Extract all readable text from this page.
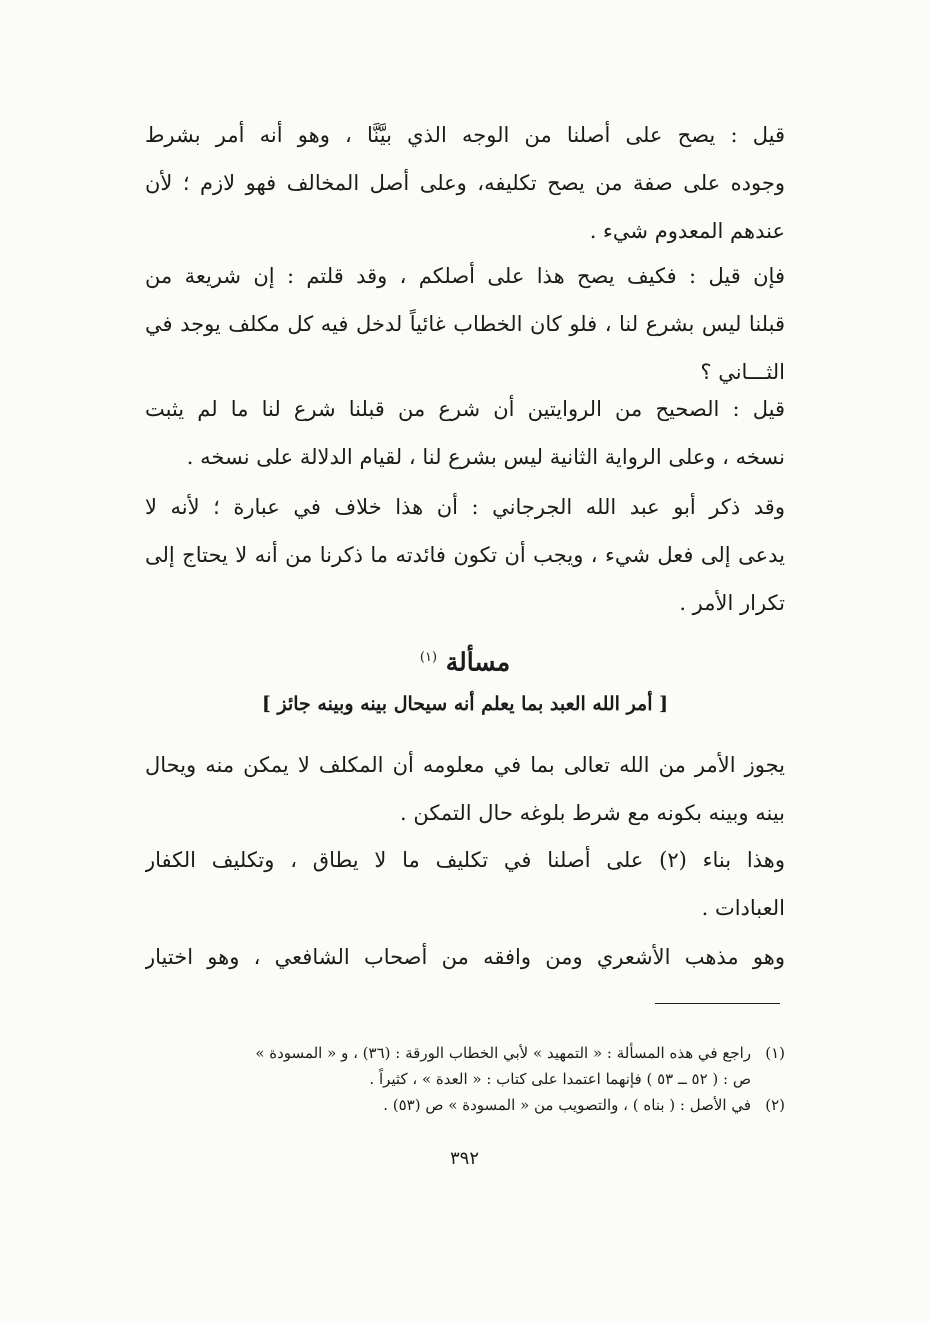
قيل : يصح على أصلنا من الوجه الذي بيَّنَّا ، وهو أنه أمر بشرط
وجوده على صفة من يصح تكليفه، وعلى أصل المخالف فهو لازم ؛ لأن
عندهم المعدوم شيء .
فإن قيل : فكيف يصح هذا على أصلكم ، وقد قلتم : إن شريعة من
قبلنا ليس بشرع لنا ، فلو كان الخطاب غائياً لدخل فيه كل مكلف يوجد في
الثـــاني ؟
قيل : الصحيح من الروايتين أن شرع من قبلنا شرع لنا ما لم يثبت
نسخه ، وعلى الرواية الثانية ليس بشرع لنا ، لقيام الدلالة على نسخه .
وقد ذكر أبو عبد الله الجرجاني : أن هذا خلاف في عبارة ؛ لأنه لا
يدعى إلى فعل شيء ، ويجب أن تكون فائدته ما ذكرنا من أنه لا يحتاج إلى
تكرار الأمر .
مسألة $^{(١)}$
[ أمر الله العبد بما يعلم أنه سيحال بينه وبينه جائز ]
يجوز الأمر من الله تعالى بما في معلومه أن المكلف لا يمكن منه ويحال
بينه وبينه بكونه مع شرط بلوغه حال التمكن .
وهذا بناء (٢) على أصلنا في تكليف ما لا يطاق ، وتكليف الكفار
العبادات .
وهو مذهب الأشعري ومن وافقه من أصحاب الشافعي ، وهو اختيار
(١)راجع في هذه المسألة : « التمهيد » لأبي الخطاب الورقة : (٣٦) ، و « المسودة »
ص : ( ٥٢ ــ ٥٣ ) فإنهما اعتمدا على كتاب : « العدة » ، كثيراً .
(٢)في الأصل : ( بناه ) ، والتصويب من « المسودة » ص (٥٣) .
٣٩٢
